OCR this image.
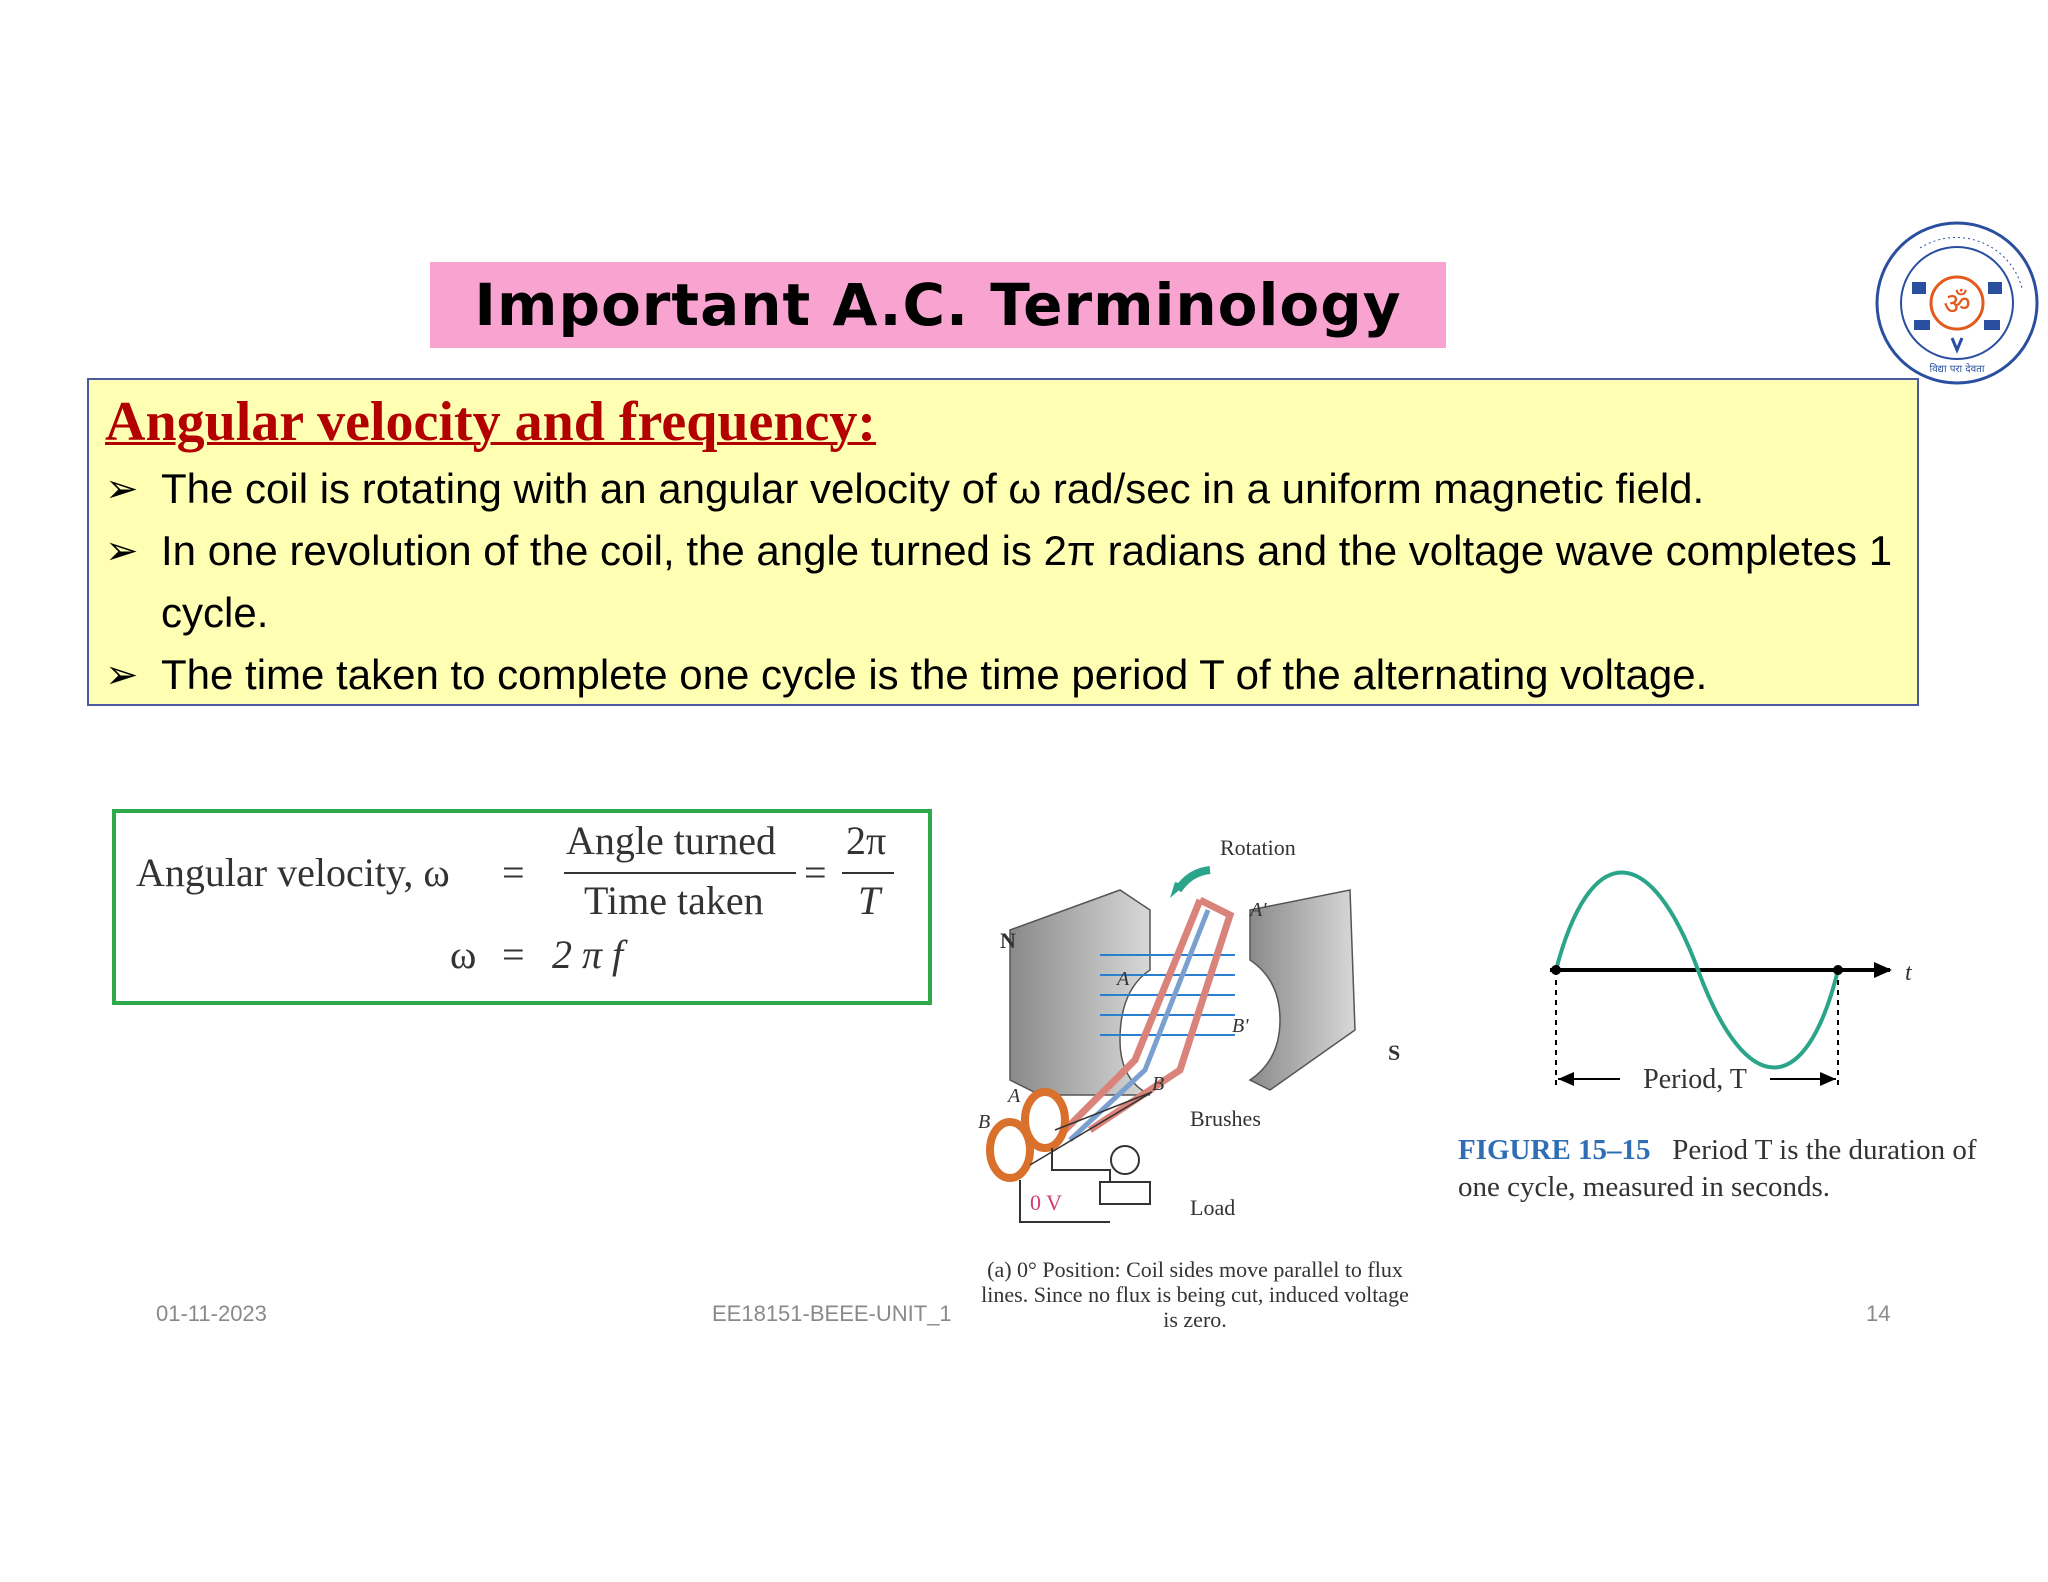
Important A.C. Terminology	ॐ
विद्या परा देवता
Angular velocity and frequency:
➢ The coil is rotating with an angular velocity of ω rad/sec in a uniform magnetic field.
➢ In one revolution of the coil, the angle turned is 2π radians and the voltage wave completes 1 cycle.
➢ The time taken to complete one cycle is the time period T of the alternating voltage.
Angular velocity, ω =
Angle turned
Time taken
=
2π
T
ω = 2 π f
Rotation
N
S
A'
B'
A
A
B
B	Brushes
Load
0 V
(a) 0° Position: Coil sides move parallel to flux lines. Since no flux is being cut, induced voltage is zero.
t
Period, T
FIGURE 15–15 Period T is the duration of one cycle, measured in seconds.
01-11-2023	EE18151-BEEE-UNIT_1	14
